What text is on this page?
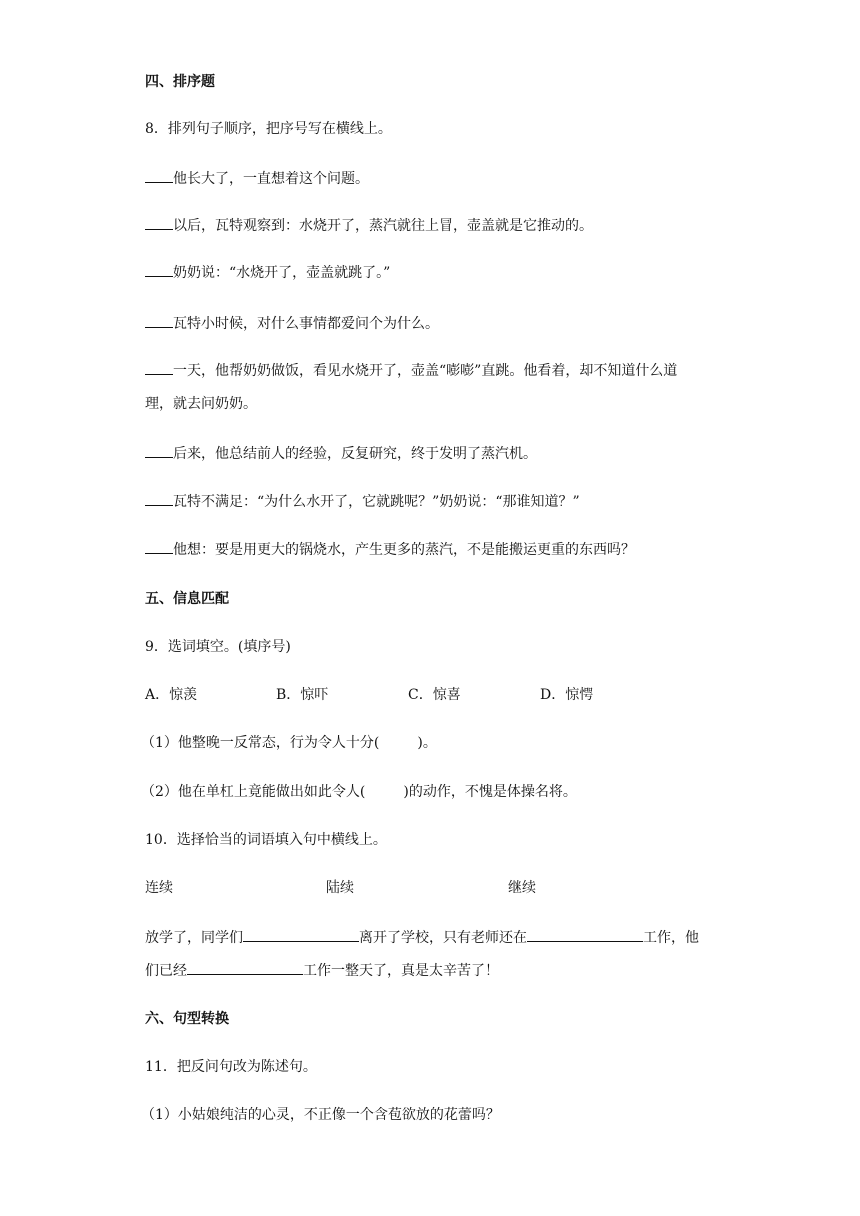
四、排序题
8．排列句子顺序，把序号写在横线上。
他长大了，一直想着这个问题。
以后，瓦特观察到：水烧开了，蒸汽就往上冒，壶盖就是它推动的。
奶奶说：“水烧开了，壶盖就跳了。”
瓦特小时候，对什么事情都爱问个为什么。
一天，他帮奶奶做饭，看见水烧开了，壶盖“嘭嘭”直跳。他看着，却不知道什么道
理，就去问奶奶。
后来，他总结前人的经验，反复研究，终于发明了蒸汽机。
瓦特不满足：“为什么水开了，它就跳呢？”奶奶说：“那谁知道？”
他想：要是用更大的锅烧水，产生更多的蒸汽，不是能搬运更重的东西吗？
五、信息匹配
9．选词填空。(填序号)
A．惊羡	B．惊吓	C．惊喜	D．惊愕
（1）他整晚一反常态，行为令人十分(	)。
（2）他在单杠上竟能做出如此令人(	)的动作，不愧是体操名将。
10．选择恰当的词语填入句中横线上。
连续	陆续	继续
放学了，同学们	离开了学校，只有老师还在	工作，他
们已经	工作一整天了，真是太辛苦了！
六、句型转换
11．把反问句改为陈述句。
（1）小姑娘纯洁的心灵，不正像一个含苞欲放的花蕾吗？
